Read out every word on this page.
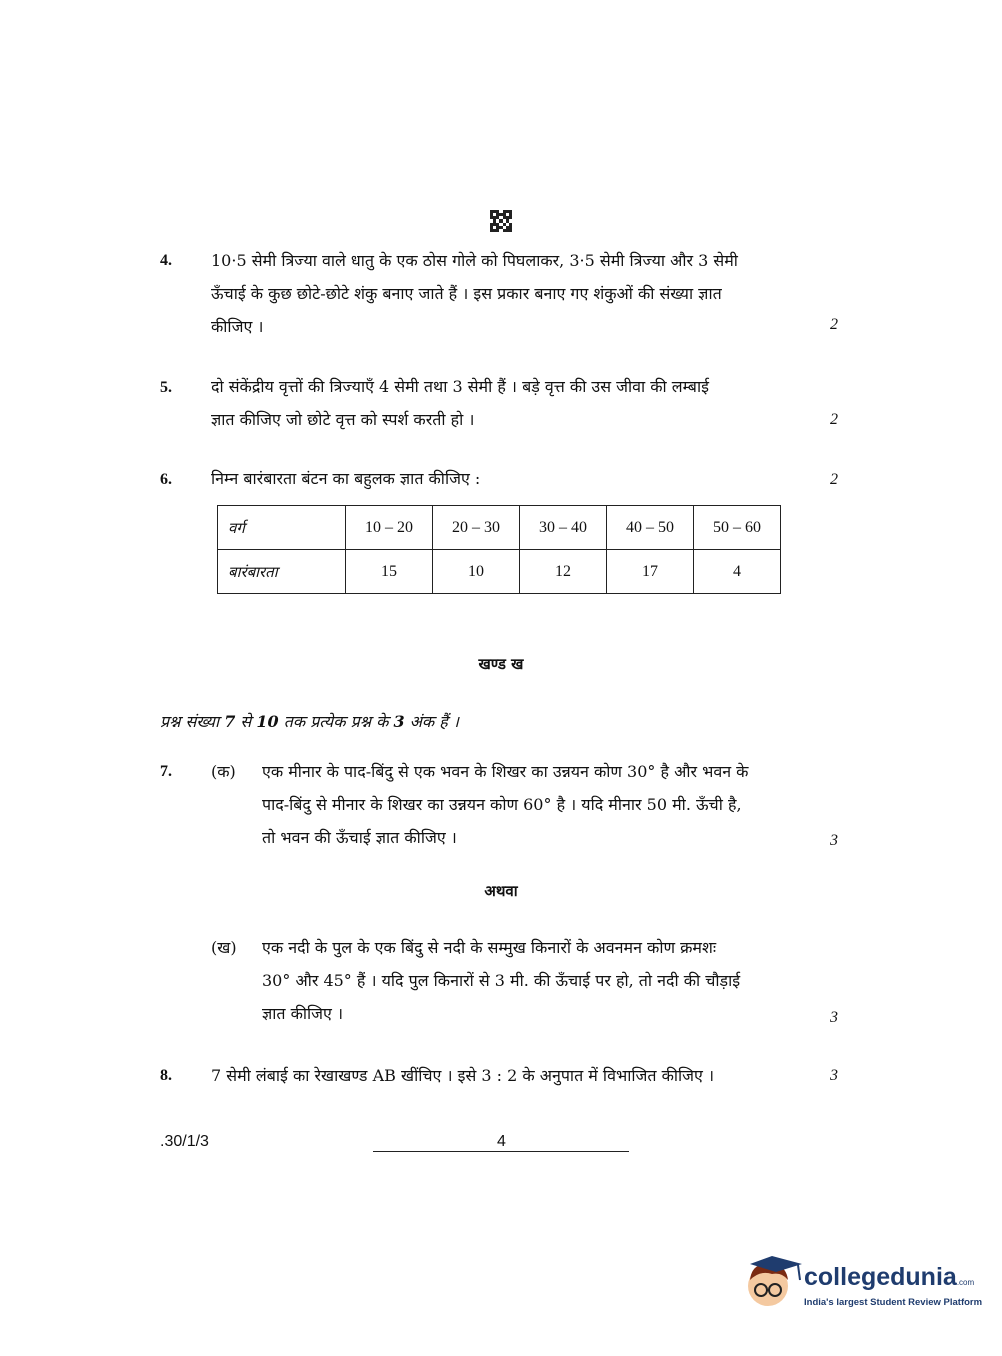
4. 10·5 सेमी त्रिज्या वाले धातु के एक ठोस गोले को पिघलाकर, 3·5 सेमी त्रिज्या और 3 सेमी
ऊँचाई के कुछ छोटे-छोटे शंकु बनाए जाते हैं । इस प्रकार बनाए गए शंकुओं की संख्या ज्ञात
कीजिए ।	2
5. दो संकेंद्रीय वृत्तों की त्रिज्याएँ 4 सेमी तथा 3 सेमी हैं । बड़े वृत्त की उस जीवा की लम्बाई
ज्ञात कीजिए जो छोटे वृत्त को स्पर्श करती हो ।	2
6. निम्न बारंबारता बंटन का बहुलक ज्ञात कीजिए :	2
वर्ग	10 – 20	20 – 30	30 – 40	40 – 50	50 – 60
बारंबारता	15	10	12	17	4
खण्ड ख
प्रश्न संख्या 7 से 10 तक प्रत्येक प्रश्न के 3 अंक हैं ।
7. (क) एक मीनार के पाद-बिंदु से एक भवन के शिखर का उन्नयन कोण 30° है और भवन के
पाद-बिंदु से मीनार के शिखर का उन्नयन कोण 60° है । यदि मीनार 50 मी. ऊँची है,
तो भवन की ऊँचाई ज्ञात कीजिए ।	3
अथवा
(ख) एक नदी के पुल के एक बिंदु से नदी के सम्मुख किनारों के अवनमन कोण क्रमशः
30° और 45° हैं । यदि पुल किनारों से 3 मी. की ऊँचाई पर हो, तो नदी की चौड़ाई
ज्ञात कीजिए ।	3
8. 7 सेमी लंबाई का रेखाखण्ड AB खींचिए । इसे 3 : 2 के अनुपात में विभाजित कीजिए ।	3
.30/1/3	4
collegedunia.com
India's largest Student Review Platform
